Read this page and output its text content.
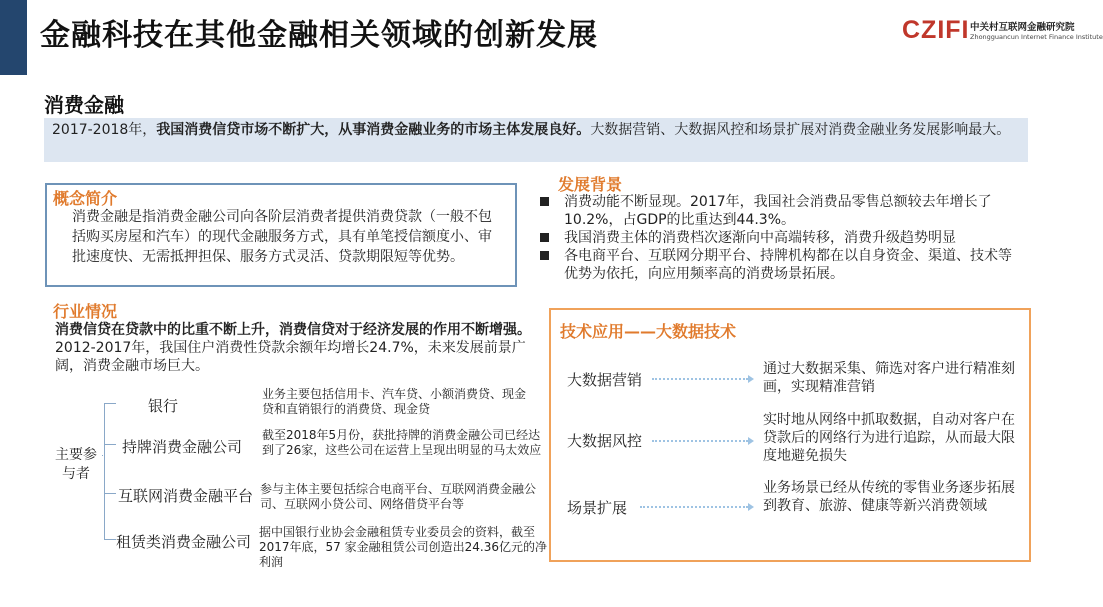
金融科技在其他金融相关领域的创新发展	CZIFI 中关村互联网金融研究院
Zhongguancun Internet Finance Institute
消费金融
2017-2018年，我国消费信贷市场不断扩大，从事消费金融业务的市场主体发展良好。大数据营销、大数据风控和场景扩展对消费金融业务发展影响最大。
概念简介
消费金融是指消费金融公司向各阶层消费者提供消费贷款（一般不包括购买房屋和汽车）的现代金融服务方式，具有单笔授信额度小、审批速度快、无需抵押担保、服务方式灵活、贷款期限短等优势。
行业情况
消费信贷在贷款中的比重不断上升，消费信贷对于经济发展的作用不断增强。2012-2017年，我国住户消费性贷款余额年均增长24.7%，未来发展前景广阔，消费金融市场巨大。
发展背景
消费动能不断显现。2017年，我国社会消费品零售总额较去年增长了10.2%，占GDP的比重达到44.3%。
我国消费主体的消费档次逐渐向中高端转移，消费升级趋势明显
各电商平台、互联网分期平台、持牌机构都在以自身资金、渠道、技术等优势为依托，向应用频率高的消费场景拓展。
技术应用——大数据技术
大数据营销
通过大数据采集、筛选对客户进行精准刻画，实现精准营销
大数据风控
实时地从网络中抓取数据，自动对客户在贷款后的网络行为进行追踪，从而最大限度地避免损失
场景扩展
业务场景已经从传统的零售业务逐步拓展到教育、旅游、健康等新兴消费领域
主要参与者
银行
业务主要包括信用卡、汽车贷、小额消费贷、现金贷和直销银行的消费贷、现金贷
持牌消费金融公司
截至2018年5月份，获批持牌的消费金融公司已经达到了26家，这些公司在运营上呈现出明显的马太效应
互联网消费金融平台 参与主体主要包括综合电商平台、互联网消费金融公司、互联网小贷公司、网络借贷平台等
租赁类消费金融公司
据中国银行业协会金融租赁专业委员会的资料，截至2017年底，57 家金融租赁公司创造出24.36亿元的净利润
